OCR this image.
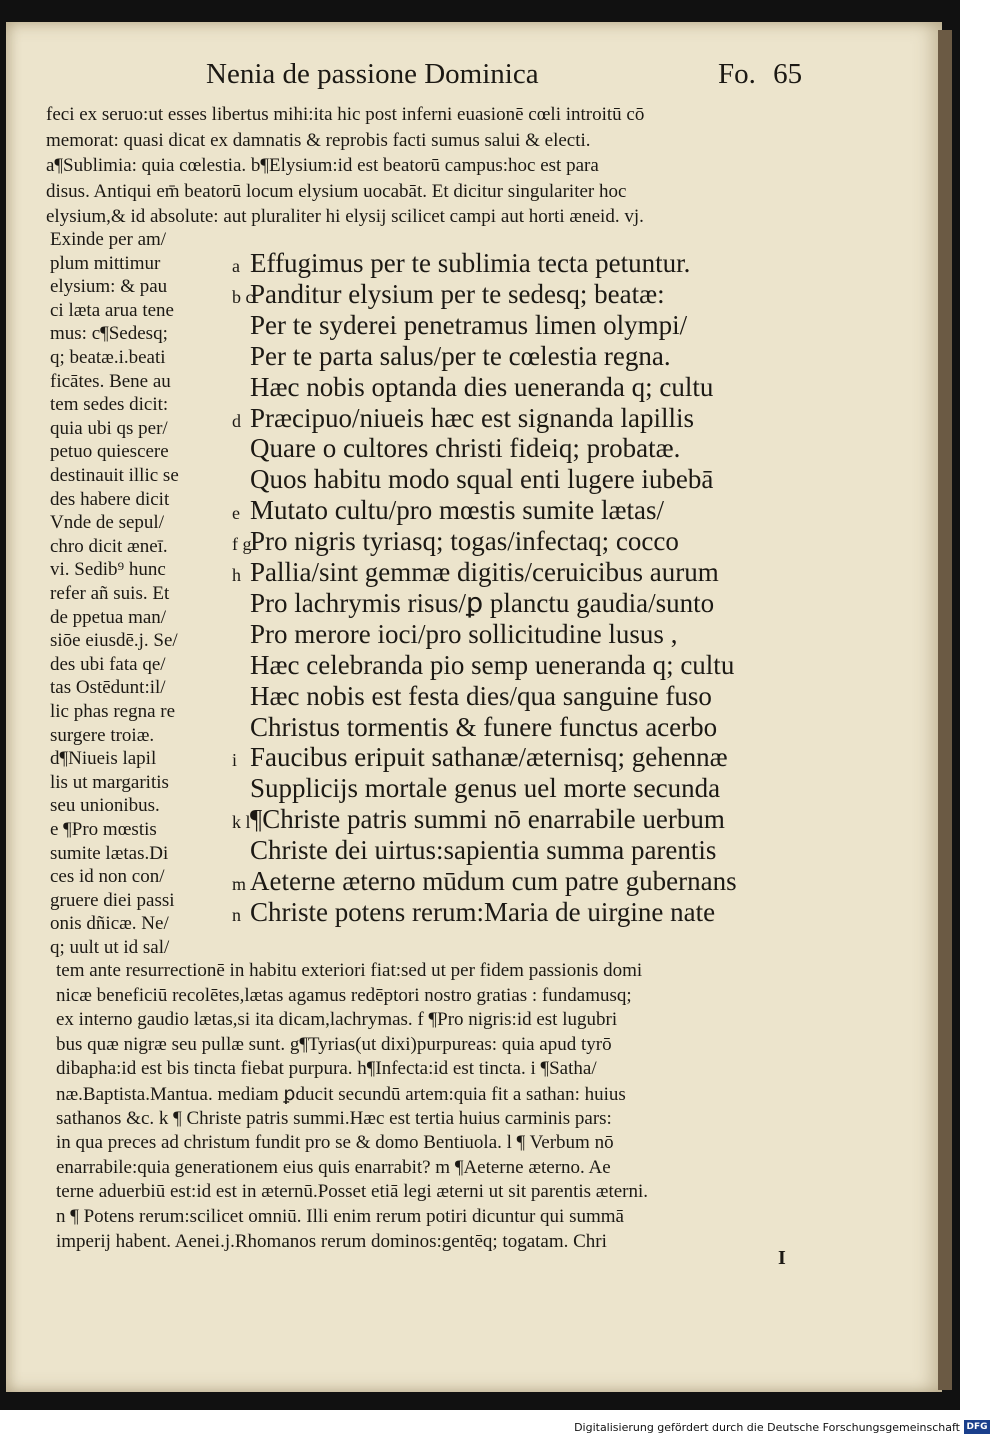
Nenia de passione Dominica	Fo. 65
feci ex seruo:ut esses libertus mihi:ita hic post inferni euasionē cœli introitū cō
memorat: quasi dicat ex damnatis & reprobis facti sumus salui & electi.
a¶Sublimia: quia cœlestia. b¶Elysium:id est beatorū campus:hoc est para
disus. Antiqui em̄ beatorū locum elysium uocabāt. Et dicitur singulariter hoc
elysium,& id absolute: aut pluraliter hi elysij scilicet campi aut horti æneid. vj.
Exinde per am/
plum mittimur
elysium: & pau
ci læta arua tene
mus: c¶Sedesq;
q; beatæ.i.beati
ficātes. Bene au
tem sedes dicit:
quia ubi qs per/
petuo quiescere
destinauit illic se
des habere dicit
Vnde de sepul/
chro dicit æneī.
vi. Sedib⁹ hunc
refer añ suis. Et
de ppetua man/
siōe eiusdē.j. Se/
des ubi fata qe/
tas Ostēdunt:il/
lic phas regna re
surgere troiæ.
d¶Niueis lapil
lis ut margaritis
seu unionibus.
e ¶Pro mœstis
sumite lætas.Di
ces id non con/
gruere diei passi
onis dñicæ. Ne/
q; uult ut id sal/
Effugimus per te sublimia tecta petuntur.
a
Panditur elysium per te sedesq; beatæ:
b c
Per te syderei penetramus limen olympi/
Per te parta salus/per te cœlestia regna.
Hæc nobis optanda dies ueneranda q; cultu
Præcipuo/niueis hæc est signanda lapillis
d
Quare o cultores christi fideiq; probatæ.
Quos habitu modo squal enti lugere iubebā
Mutato cultu/pro mœstis sumite lætas/
e
Pro nigris tyriasq; togas/infectaq; cocco
f g
Pallia/sint gemmæ digitis/ceruicibus aurum
h
Pro lachrymis risus/ꝑ planctu gaudia/sunto
Pro merore ioci/pro sollicitudine lusus ,
Hæc celebranda pio semp ueneranda q; cultu
Hæc nobis est festa dies/qua sanguine fuso
Christus tormentis & funere functus acerbo
Faucibus eripuit sathanæ/æternisq; gehennæ
i
Supplicijs mortale genus uel morte secunda
¶Christe patris summi nō enarrabile uerbum
k l
Christe dei uirtus:sapientia summa parentis
Aeterne æterno mūdum cum patre gubernans
m
Christe potens rerum:Maria de uirgine nate
n
tem ante resurrectionē in habitu exteriori fiat:sed ut per fidem passionis domi
nicæ beneficiū recolētes,lætas agamus redēptori nostro gratias : fundamusq;
ex interno gaudio lætas,si ita dicam,lachrymas. f ¶Pro nigris:id est lugubri
bus quæ nigræ seu pullæ sunt. g¶Tyrias(ut dixi)purpureas: quia apud tyrō
dibapha:id est bis tincta fiebat purpura. h¶Infecta:id est tincta. i ¶Satha/
næ.Baptista.Mantua. mediam ꝑducit secundū artem:quia fit a sathan: huius
sathanos &c. k ¶ Christe patris summi.Hæc est tertia huius carminis pars:
in qua preces ad christum fundit pro se & domo Bentiuola. l ¶ Verbum nō
enarrabile:quia generationem eius quis enarrabit? m ¶Aeterne æterno. Ae
terne aduerbiū est:id est in æternū.Posset etiā legi æterni ut sit parentis æterni.
n ¶ Potens rerum:scilicet omniū. Illi enim rerum potiri dicuntur qui summā
imperij habent. Aenei.j.Rhomanos rerum dominos:gentēq; togatam. Chri
I
Digitalisierung gefördert durch die Deutsche Forschungsgemeinschaft DFG
